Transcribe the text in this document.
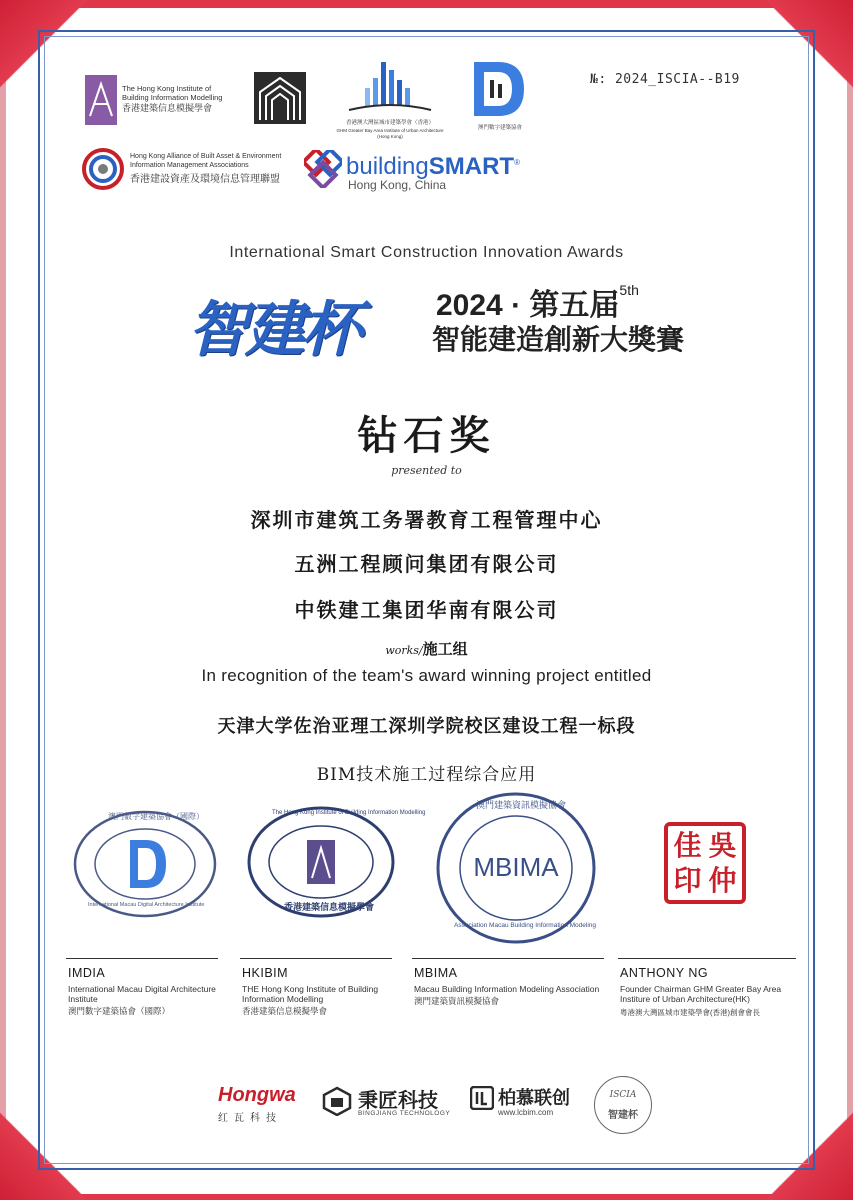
№: 2024_ISCIA--B19
The Hong Kong Institute of Building Information Modelling
香港建築信息模擬學會
香港澳大灣區城市建築學會（香港）
GHM Greater Bay Area Institute of Urban Architecture (Hong Kong)
澳門數字建築協會
Hong Kong Alliance of Built Asset & Environment
Information Management Associations
香港建設資產及環境信息管理聯盟	buildingSMART®
Hong Kong, China
International Smart Construction Innovation Awards
智建杯	2024 · 第五届$^{5th}$
智能建造創新大獎賽
钻石奖
presented to
深圳市建筑工务署教育工程管理中心
五洲工程顾问集团有限公司
中铁建工集团华南有限公司
works/施工组
In recognition of the team's award winning project entitled
天津大学佐治亚理工深圳学院校区建设工程一标段
BIM技术施工过程综合应用
澳門數字建築協會（國際）
International Macau Digital Architecture Institute
The Hong Kong Institute of Building Information Modelling
香港建築信息模擬學會
MBIMA
澳門建築資訊模擬協會
Association Macau Building Information Modeling
佳 吳
印 仲
IMDIA
International Macau Digital Architecture Institute
澳門數字建築協會（國際）
HKIBIM
THE Hong Kong Institute of Building Information Modelling
香港建築信息模擬學會
MBIMA
Macau Building Information Modeling Association
澳門建築資訊模擬協會
ANTHONY NG
Founder Chairman GHM Greater Bay Area Institure of Urban Architecture(HK)
粤港澳大灣區城市建築學會(香港)創會會長
Hongwa
红瓦科技
秉匠科技
BINGJIANG TECHNOLOGY
柏慕联创
www.lcbim.com
ISCIA
智建杯
